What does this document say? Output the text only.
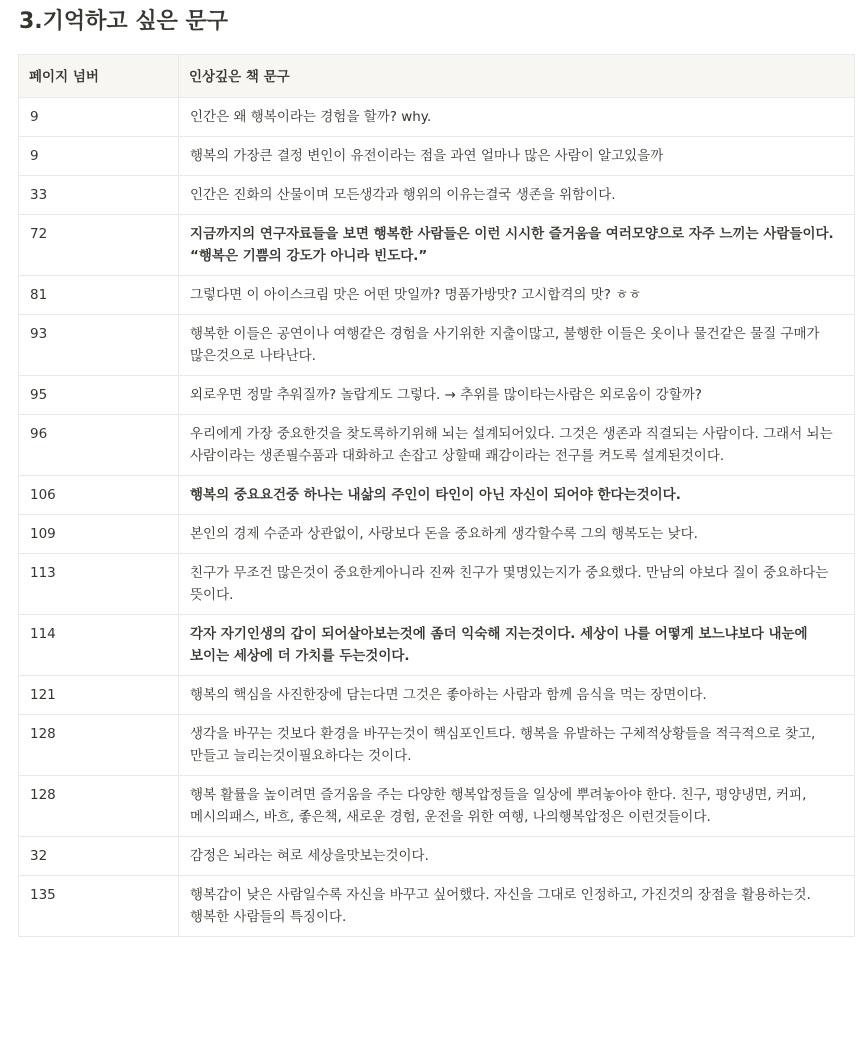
3.기억하고 싶은 문구
페이지 넘버	인상깊은 책 문구
9	인간은 왜 행복이라는 경험을 할까? why.
9	행복의 가장큰 결정 변인이 유전이라는 점을 과연 얼마나 많은 사람이 알고있을까
33	인간은 진화의 산물이며 모든생각과 행위의 이유는결국 생존을 위함이다.
72	지금까지의 연구자료들을 보면 행복한 사람들은 이런 시시한 즐거움을 여러모양으로 자주 느끼는 사람들이다. “행복은 기쁨의 강도가 아니라 빈도다.”
81	그렇다면 이 아이스크림 맛은 어떤 맛일까? 명품가방맛? 고시합격의 맛? ㅎㅎ
93	행복한 이들은 공연이나 여행같은 경험을 사기위한 지출이많고, 불행한 이들은 옷이나 물건같은 물질 구매가 많은것으로 나타난다.
95	외로우면 정말 추워질까? 놀랍게도 그렇다. → 추위를 많이타는사람은 외로움이 강할까?
96	우리에게 가장 중요한것을 찾도록하기위해 뇌는 설계되어있다. 그것은 생존과 직결되는 사람이다. 그래서 뇌는 사람이라는 생존필수품과 대화하고 손잡고 상할때 쾌감이라는 전구를 켜도록 설계된것이다.
106	행복의 중요요건중 하나는 내삶의 주인이 타인이 아닌 자신이 되어야 한다는것이다.
109	본인의 경제 수준과 상관없이, 사랑보다 돈을 중요하게 생각할수록 그의 행복도는 낮다.
113	친구가 무조건 많은것이 중요한게아니라 진짜 친구가 몇명있는지가 중요했다. 만남의 야보다 질이 중요하다는 뜻이다.
114	각자 자기인생의 갑이 되어살아보는것에 좀더 익숙해 지는것이다. 세상이 나를 어떻게 보느냐보다 내눈에 보이는 세상에 더 가치를 두는것이다.
121	행복의 핵심을 사진한장에 담는다면 그것은 좋아하는 사람과 함께 음식을 먹는 장면이다.
128	생각을 바꾸는 것보다 환경을 바꾸는것이 핵심포인트다. 행복을 유발하는 구체적상황들을 적극적으로 찾고, 만들고 늘리는것이필요하다는 것이다.
128	행복 활률을 높이려면 즐거움을 주는 다양한 행복압정들을 일상에 뿌려놓아야 한다. 친구, 평양냉면, 커피, 메시의패스, 바흐, 좋은책, 새로운 경험, 운전을 위한 여행, 나의행복압정은 이런것들이다.
32	감정은 뇌라는 혀로 세상을맛보는것이다.
135	행복감이 낮은 사람일수록 자신을 바꾸고 싶어했다. 자신을 그대로 인정하고, 가진것의 장점을 활용하는것. 행복한 사람들의 특징이다.
